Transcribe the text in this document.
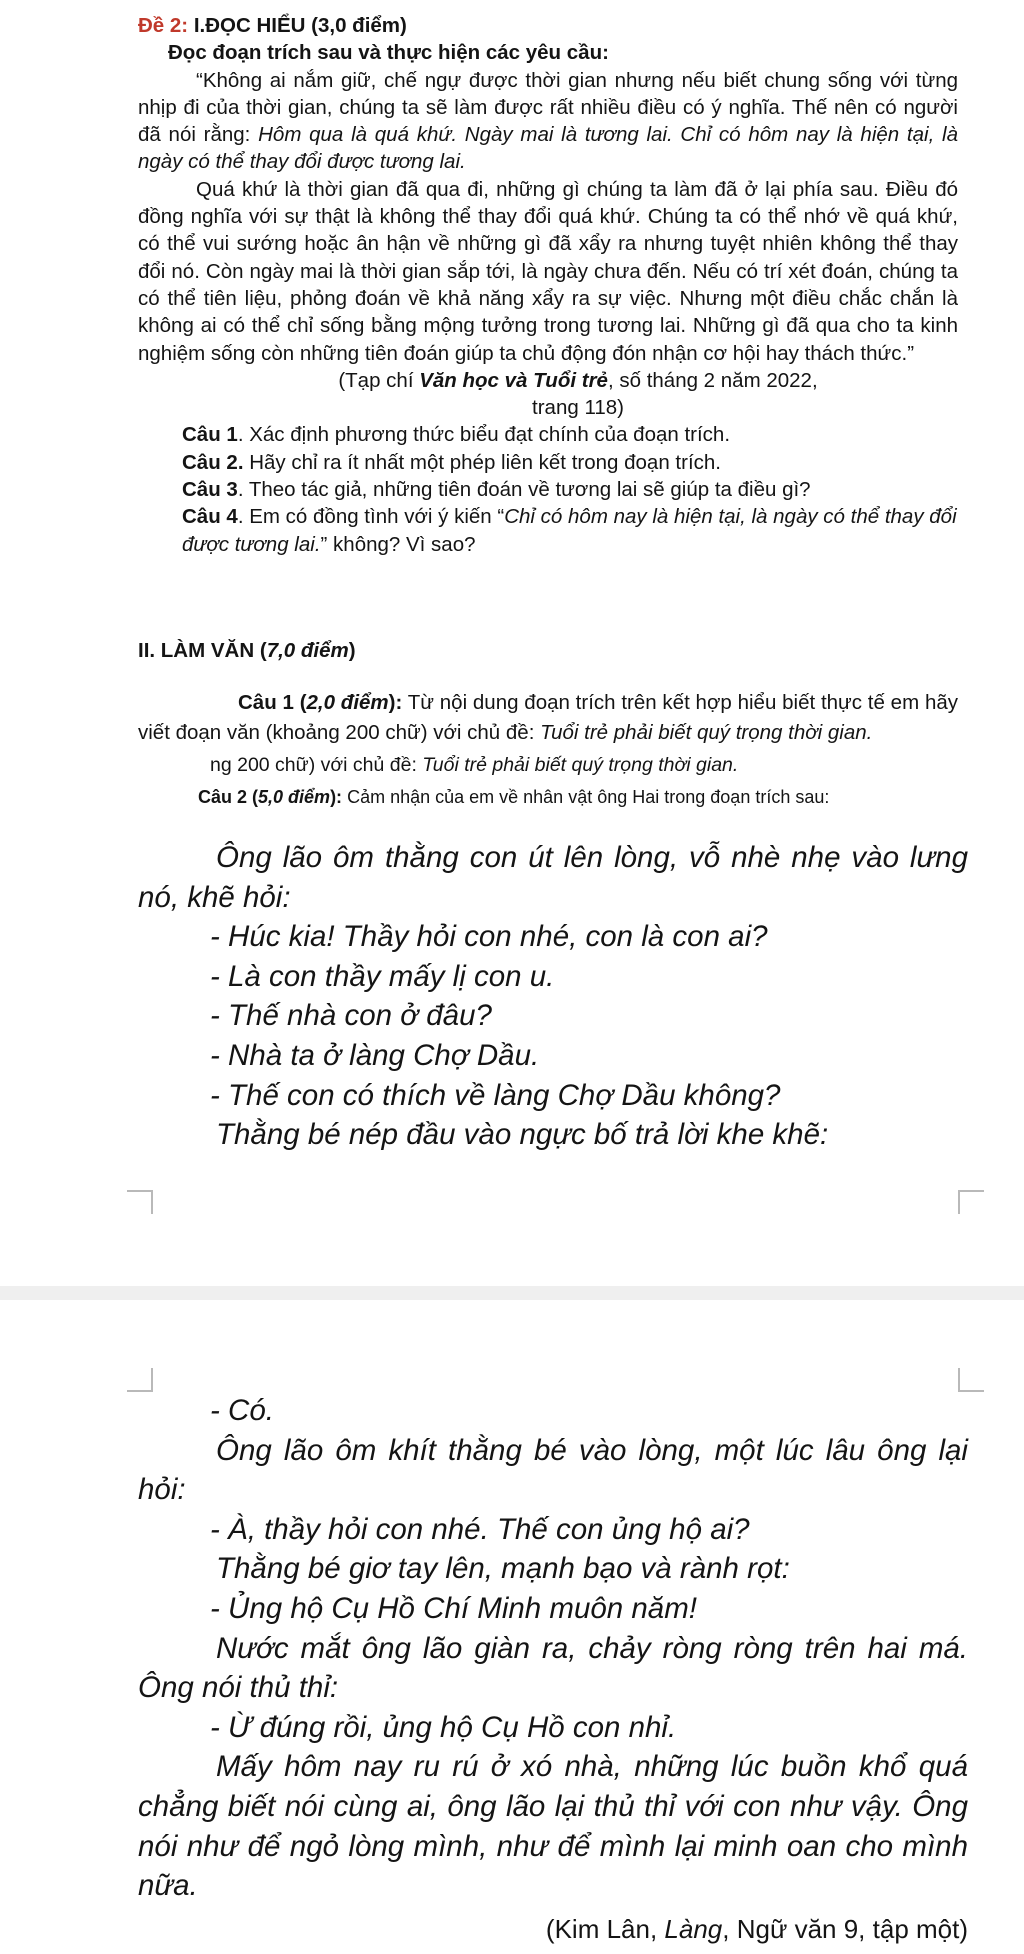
Đề 2: I.ĐỌC HIỂU (3,0 điểm)
Đọc đoạn trích sau và thực hiện các yêu cầu:
“Không ai nắm giữ, chế ngự được thời gian nhưng nếu biết chung sống với từng nhịp đi của thời gian, chúng ta sẽ làm được rất nhiều điều có ý nghĩa. Thế nên có người đã nói rằng: Hôm qua là quá khứ. Ngày mai là tương lai. Chỉ có hôm nay là hiện tại, là ngày có thể thay đổi được tương lai.
Quá khứ là thời gian đã qua đi, những gì chúng ta làm đã ở lại phía sau. Điều đó đồng nghĩa với sự thật là không thể thay đổi quá khứ. Chúng ta có thể nhớ về quá khứ, có thể vui sướng hoặc ân hận về những gì đã xẩy ra nhưng tuyệt nhiên không thể thay đổi nó. Còn ngày mai là thời gian sắp tới, là ngày chưa đến. Nếu có trí xét đoán, chúng ta có thể tiên liệu, phỏng đoán về khả năng xẩy ra sự việc. Nhưng một điều chắc chắn là không ai có thể chỉ sống bằng mộng tưởng trong tương lai. Những gì đã qua cho ta kinh nghiệm sống còn những tiên đoán giúp ta chủ động đón nhận cơ hội hay thách thức.”
(Tạp chí Văn học và Tuổi trẻ, số tháng 2 năm 2022,
trang 118)
Câu 1. Xác định phương thức biểu đạt chính của đoạn trích.
Câu 2. Hãy chỉ ra ít nhất một phép liên kết trong đoạn trích.
Câu 3. Theo tác giả, những tiên đoán về tương lai sẽ giúp ta điều gì?
Câu 4. Em có đồng tình với ý kiến “Chỉ có hôm nay là hiện tại, là ngày có thể thay đổi được tương lai.” không? Vì sao?
II. LÀM VĂN (7,0 điểm)
Câu 1 (2,0 điểm): Từ nội dung đoạn trích trên kết hợp hiểu biết thực tế em hãy viết đoạn văn (khoảng 200 chữ) với chủ đề: Tuổi trẻ phải biết quý trọng thời gian.
ng 200 chữ) với chủ đề: Tuổi trẻ phải biết quý trọng thời gian.
Câu 2 (5,0 điểm): Cảm nhận của em về nhân vật ông Hai trong đoạn trích sau:
Ông lão ôm thằng con út lên lòng, vỗ nhè nhẹ vào lưng nó, khẽ hỏi:
- Húc kia! Thầy hỏi con nhé, con là con ai?
- Là con thầy mấy lị con u.
- Thế nhà con ở đâu?
- Nhà ta ở làng Chợ Dầu.
- Thế con có thích về làng Chợ Dầu không?
Thằng bé nép đầu vào ngực bố trả lời khe khẽ:
- Có.
Ông lão ôm khít thằng bé vào lòng, một lúc lâu ông lại hỏi:
- À, thầy hỏi con nhé. Thế con ủng hộ ai?
Thằng bé giơ tay lên, mạnh bạo và rành rọt:
- Ủng hộ Cụ Hồ Chí Minh muôn năm!
Nước mắt ông lão giàn ra, chảy ròng ròng trên hai má. Ông nói thủ thỉ:
- Ừ đúng rồi, ủng hộ Cụ Hồ con nhỉ.
Mấy hôm nay ru rú ở xó nhà, những lúc buồn khổ quá chẳng biết nói cùng ai, ông lão lại thủ thỉ với con như vậy. Ông nói như để ngỏ lòng mình, như để mình lại minh oan cho mình nữa.
(Kim Lân, Làng, Ngữ văn 9, tập một)
